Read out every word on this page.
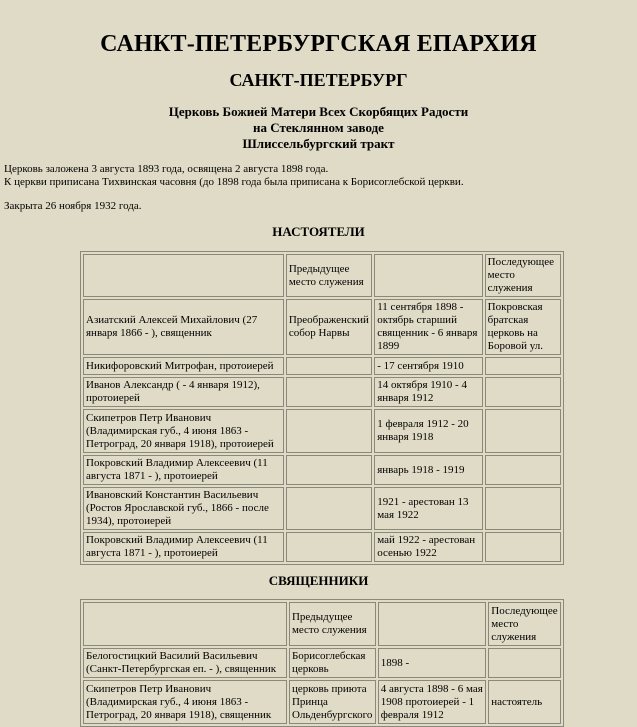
САНКТ-ПЕТЕРБУРГСКАЯ ЕПАРХИЯ
САНКТ-ПЕТЕРБУРГ
Церковь Божией Матери Всех Скорбящих Радости
на Стеклянном заводе
Шлиссельбургский тракт
Церковь заложена 3 августа 1893 года, освящена 2 августа 1898 года.
К церкви приписана Тихвинская часовня (до 1898 года была приписана к Борисоглебской церкви.
Закрыта 26 ноября 1932 года.
НАСТОЯТЕЛИ
	Предыдущее место служения		Последующее место служения
Азиатский Алексей Михайлович (27 января 1866 - ), священник	Преображенский собор Нарвы	11 сентября 1898 - октябрь старший священник - 6 января 1899	Покровская братская церковь на Боровой ул.
Никифоровский Митрофан, протоиерей		- 17 сентября 1910	
Иванов Александр ( - 4 января 1912), протоиерей		14 октября 1910 - 4 января 1912	
Скипетров Петр Иванович (Владимирская губ., 4 июня 1863 - Петроград, 20 января 1918), протоиерей		1 февраля 1912 - 20 января 1918	
Покровский Владимир Алексеевич (11 августа 1871 - ), протоиерей		январь 1918 - 1919	
Ивановский Константин Васильевич (Ростов Ярославской губ., 1866 - после 1934), протоиерей		1921 - арестован 13 мая 1922	
Покровский Владимир Алексеевич (11 августа 1871 - ), протоиерей		май 1922 - арестован осенью 1922	
СВЯЩЕННИКИ
	Предыдущее место служения		Последующее место служения
Белогостицкий Василий Васильевич (Санкт-Петербургская еп. - ), священник	Борисоглебская церковь	1898 -	
Скипетров Петр Иванович (Владимирская губ., 4 июня 1863 - Петроград, 20 января 1918), священник	церковь приюта Принца Ольденбургского	4 августа 1898 - 6 мая 1908 протоиерей - 1 февраля 1912	настоятель
